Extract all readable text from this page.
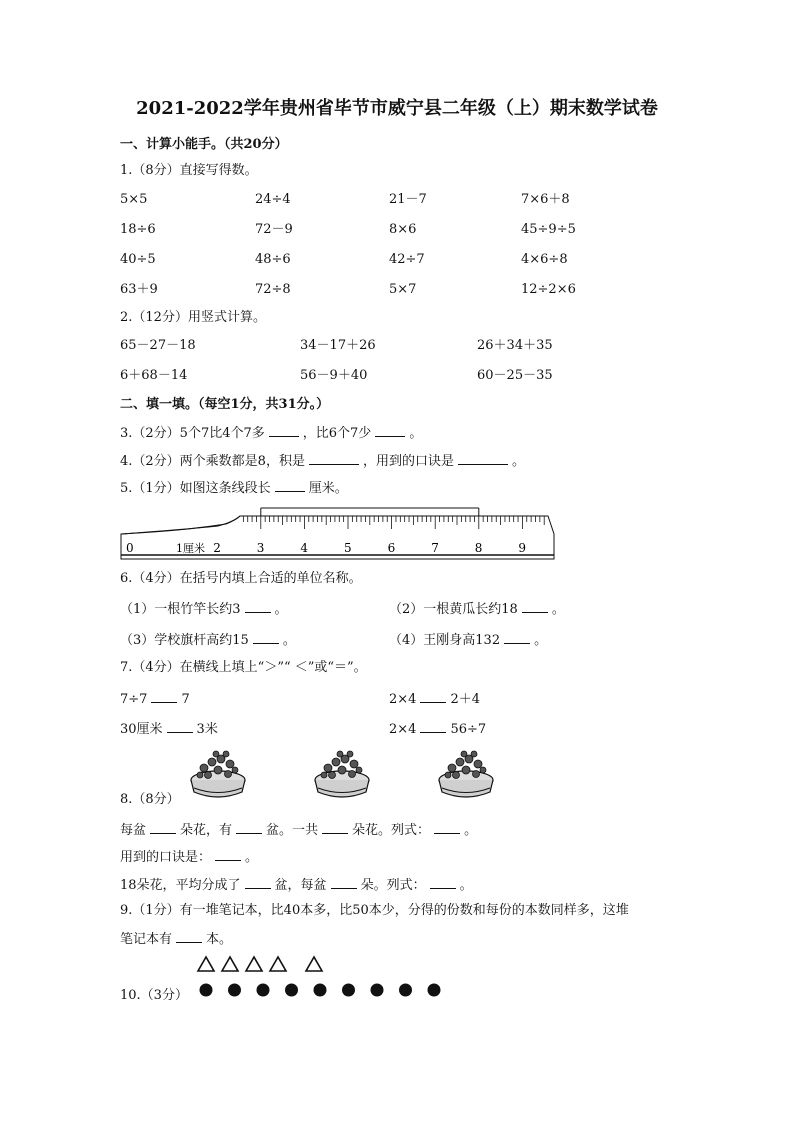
2021-2022学年贵州省毕节市威宁县二年级（上）期末数学试卷
一、计算小能手。（共20分）
1.（8分）直接写得数。
5×5	24÷4	21－7	7×6＋8
18÷6	72－9	8×6	45÷9÷5
40÷5	48÷6	42÷7	4×6÷8
63＋9	72÷8	5×7	12÷2×6
2.（12分）用竖式计算。
65－27－18	34－17＋26	26＋34＋35
6＋68－14	56－9＋40	60－25－35
二、填一填。（每空1分，共31分。）
3.（2分）5个7比4个7多	，比6个7少	。
4.（2分）两个乘数都是8，积是	，用到的口诀是	。
5.（1分）如图这条线段长	厘米。
0	1厘米 2	3	4	5	6	7	8	9
6.（4分）在括号内填上合适的单位名称。
（1）一根竹竿长约3	。	（2）一根黄瓜长约18	。
（3）学校旗杆高约15	。	（4）王刚身高132	。
7.（4分）在横线上填上“＞”“ ＜”或“＝”。
7÷7	7	2×4	2＋4
30厘米	3米	2×4	56÷7
8.（8分）
每盆	朵花，有	盆。一共	朵花。列式：	。
用到的口诀是：	。
18朵花，平均分成了	盆，每盆	朵。列式：	。
9.（1分）有一堆笔记本，比40本多，比50本少，分得的份数和每份的本数同样多，这堆
笔记本有	本。
10.（3分）
